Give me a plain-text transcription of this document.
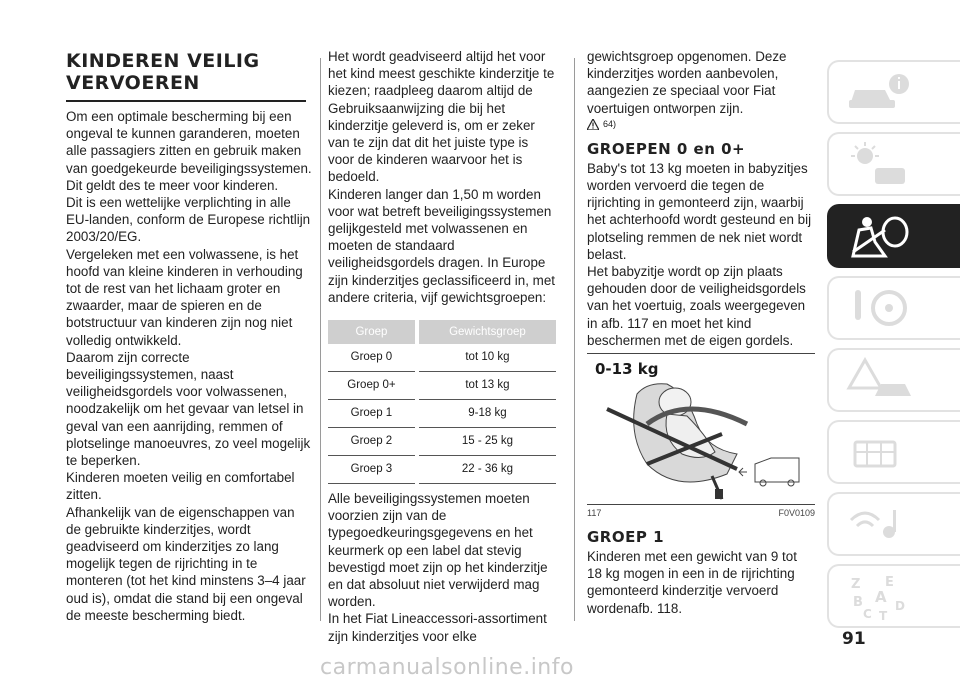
KINDEREN VEILIG VERVOEREN

Om een optimale bescherming bij een ongeval te kunnen garanderen, moeten alle passagiers zitten en gebruik maken van goedgekeurde beveiligingssystemen.

Dit geldt des te meer voor kinderen.

Dit is een wettelijke verplichting in alle EU-landen, conform de Europese richtlijn 2003/20/EG.

Vergeleken met een volwassene, is het hoofd van kleine kinderen in verhouding tot de rest van het lichaam groter en zwaarder, maar de spieren en de botstructuur van kinderen zijn nog niet volledig ontwikkeld.

Daarom zijn correcte beveiligingssystemen, naast veiligheidsgordels voor volwassenen, noodzakelijk om het gevaar van letsel in geval van een aanrijding, remmen of plotselinge manoeuvres, zo veel mogelijk te beperken.

Kinderen moeten veilig en comfortabel zitten.

Afhankelijk van de eigenschappen van de gebruikte kinderzitjes, wordt geadviseerd om kinderzitjes zo lang mogelijk tegen de rijrichting in te monteren (tot het kind minstens 3–4 jaar oud is), omdat die stand bij een ongeval de meeste bescherming biedt.

Het wordt geadviseerd altijd het voor het kind meest geschikte kinderzitje te kiezen; raadpleeg daarom altijd de Gebruiksaanwijzing die bij het kinderzitje geleverd is, om er zeker van te zijn dat dit het juiste type is voor de kinderen waarvoor het is bedoeld.

Kinderen langer dan 1,50 m worden voor wat betreft beveiligingssystemen gelijkgesteld met volwassenen en moeten de standaard veiligheidsgordels dragen. In Europe zijn kinderzitjes geclassificeerd in, met andere criteria, vijf gewichtsgroepen:

Groep	Gewichtsgroep
Groep 0	tot 10 kg
Groep 0+	tot 13 kg
Groep 1	9-18 kg
Groep 2	15 - 25 kg
Groep 3	22 - 36 kg

Alle beveiligingssystemen moeten voorzien zijn van de typegoedkeuringsgegevens en het keurmerk op een label dat stevig bevestigd moet zijn op het kinderzitje en dat absoluut niet verwijderd mag worden.

In het Fiat Lineaccessori-assortiment zijn kinderzitjes voor elke

gewichtsgroep opgenomen. Deze kinderzitjes worden aanbevolen, aangezien ze speciaal voor Fiat voertuigen ontworpen zijn.

64)
GROEPEN 0 en 0+

Baby's tot 13 kg moeten in babyzitjes worden vervoerd die tegen de rijrichting in gemonteerd zijn, waarbij het achterhoofd wordt gesteund en bij plotseling remmen de nek niet wordt belast.

Het babyzitje wordt op zijn plaats gehouden door de veiligheidsgordels van het voertuig, zoals weergegeven in afb. 117 en moet het kind beschermen met de eigen gordels.

0-13 kg
117	F0V0109
GROEP 1

Kinderen met een gewicht van 9 tot 18 kg mogen in een in de rijrichting gemonteerd kinderzitje vervoerd wordenafb. 118.

Z E
B A
C
D
T
91
carmanualsonline.info
